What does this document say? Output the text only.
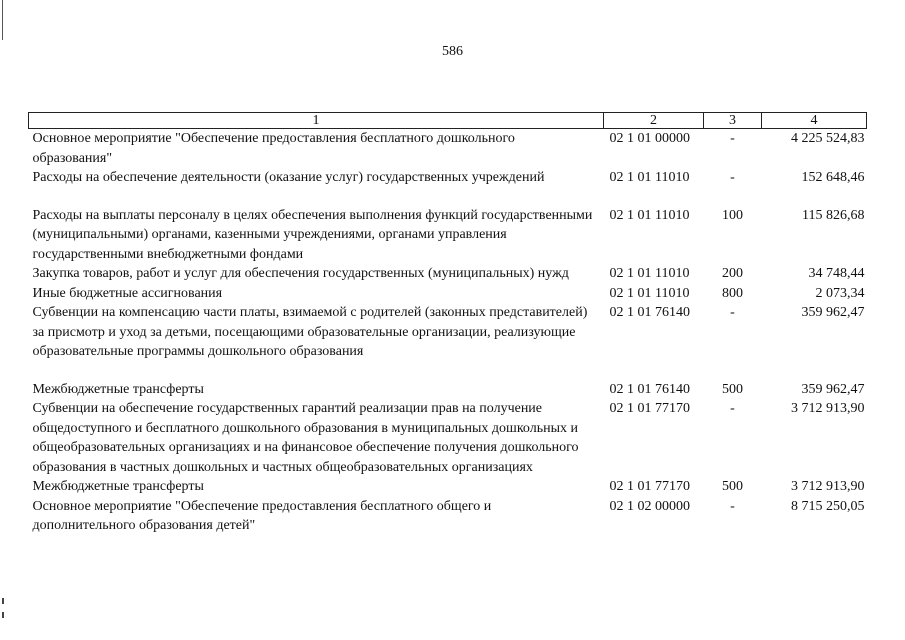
586
1	2	3	4
Основное мероприятие "Обеспечение предоставления бесплатного дошкольного образования"	02 1 01 00000	-	4 225 524,83
Расходы на обеспечение деятельности (оказание услуг) государственных учреждений	02 1 01 11010	-	152 648,46
Расходы на выплаты персоналу в целях обеспечения выполнения функций государственными (муниципальными) органами, казенными учреждениями, органами управления государственными внебюджетными фондами	02 1 01 11010	100	115 826,68
Закупка товаров, работ и услуг для обеспечения государственных (муниципальных) нужд	02 1 01 11010	200	34 748,44
Иные бюджетные ассигнования	02 1 01 11010	800	2 073,34
Субвенции на компенсацию части платы, взимаемой с родителей (законных представителей) за присмотр и уход за детьми, посещающими образовательные организации, реализующие образовательные программы дошкольного образования	02 1 01 76140	-	359 962,47
Межбюджетные трансферты	02 1 01 76140	500	359 962,47
Субвенции на обеспечение государственных гарантий реализации прав на получение общедоступного и бесплатного дошкольного образования в муниципальных дошкольных и общеобразовательных организациях и на финансовое обеспечение получения дошкольного образования в частных дошкольных и частных общеобразовательных организациях	02 1 01 77170	-	3 712 913,90
Межбюджетные трансферты	02 1 01 77170	500	3 712 913,90
Основное мероприятие "Обеспечение предоставления бесплатного общего и дополнительного образования детей"	02 1 02 00000	-	8 715 250,05
